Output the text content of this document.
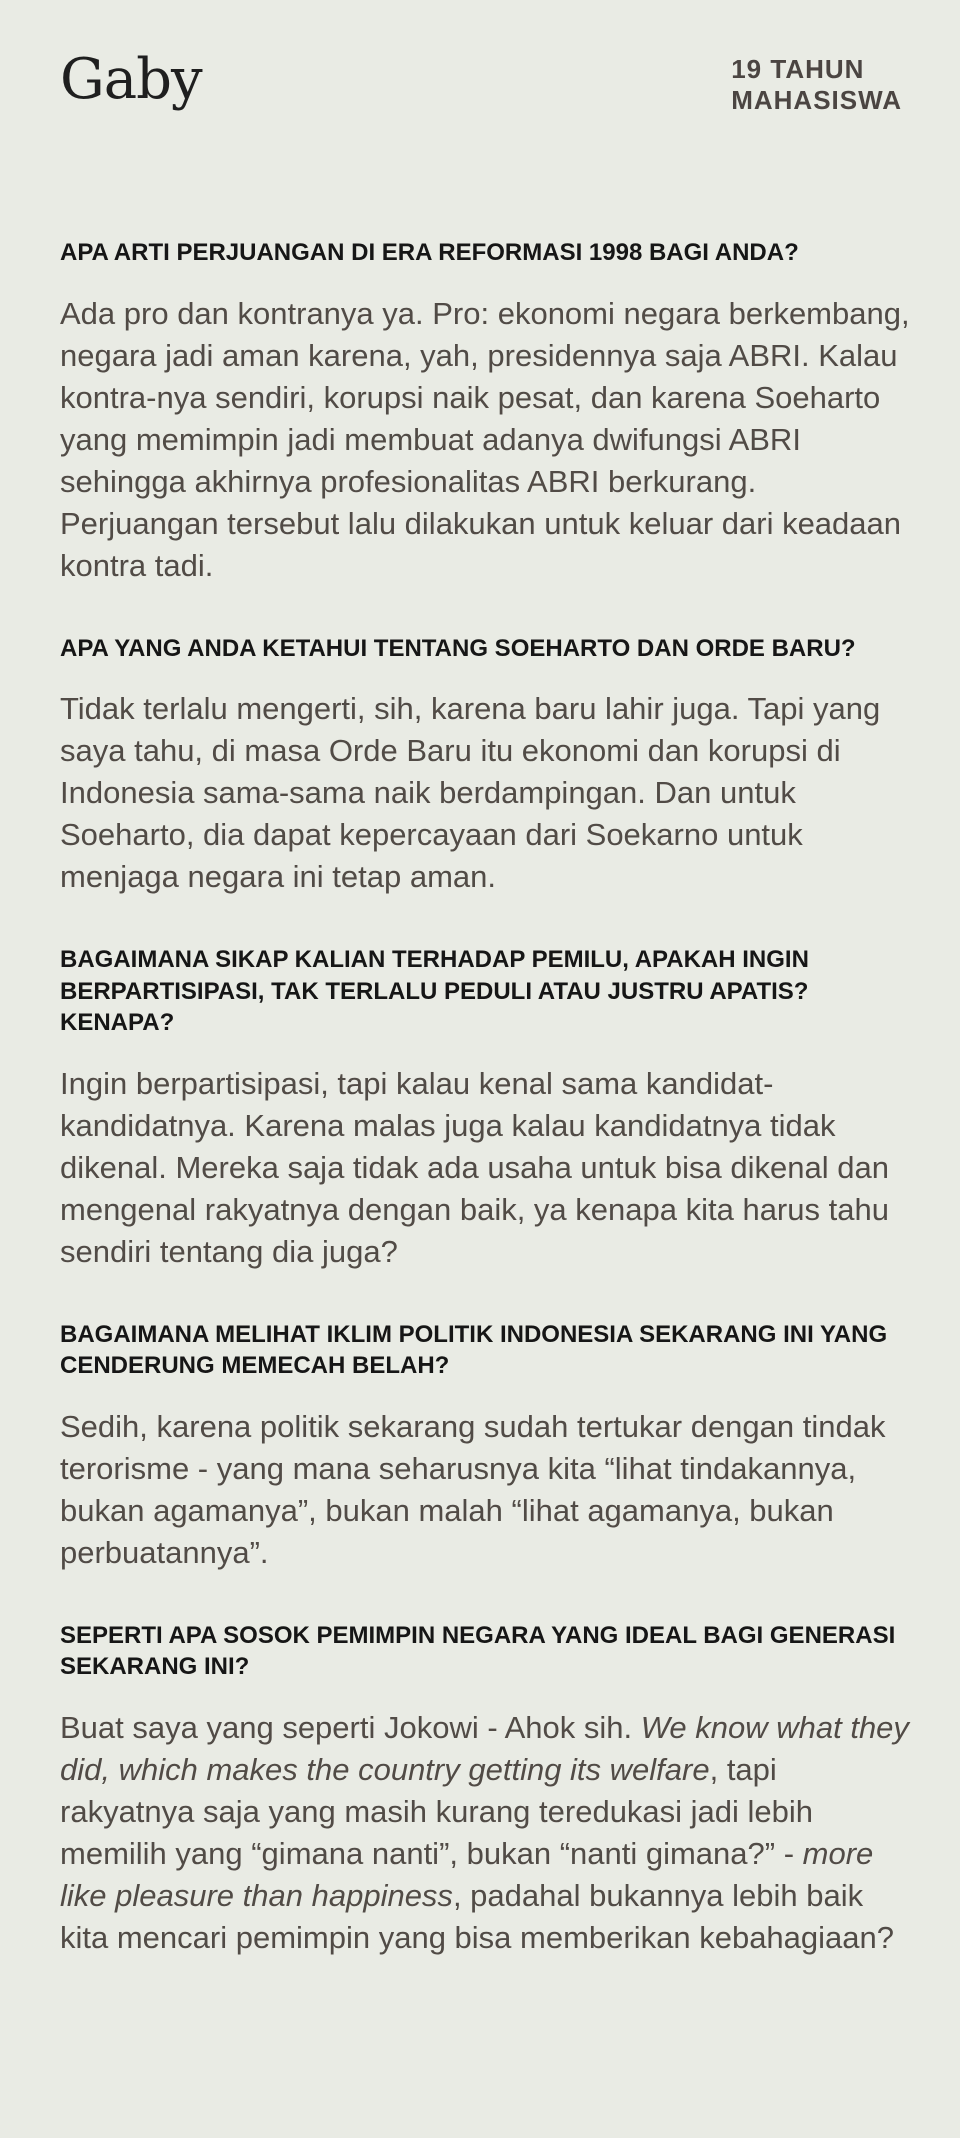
Gaby	19 TAHUN
MAHASISWA
APA ARTI PERJUANGAN DI ERA REFORMASI 1998 BAGI ANDA?

Ada pro dan kontranya ya. Pro: ekonomi negara berkembang, negara jadi aman karena, yah, presidennya saja ABRI. Kalau kontra-nya sendiri, korupsi naik pesat, dan karena Soeharto yang memimpin jadi membuat adanya dwifungsi ABRI sehingga akhirnya profesionalitas ABRI berkurang. Perjuangan tersebut lalu dilakukan untuk keluar dari keadaan kontra tadi.

APA YANG ANDA KETAHUI TENTANG SOEHARTO DAN ORDE BARU?

Tidak terlalu mengerti, sih, karena baru lahir juga. Tapi yang saya tahu, di masa Orde Baru itu ekonomi dan korupsi di Indonesia sama-sama naik berdampingan. Dan untuk Soeharto, dia dapat kepercayaan dari Soekarno untuk menjaga negara ini tetap aman.

BAGAIMANA SIKAP KALIAN TERHADAP PEMILU, APAKAH INGIN BERPARTISIPASI, TAK TERLALU PEDULI ATAU JUSTRU APATIS? KENAPA?

Ingin berpartisipasi, tapi kalau kenal sama kandidat-kandidatnya. Karena malas juga kalau kandidatnya tidak dikenal. Mereka saja tidak ada usaha untuk bisa dikenal dan mengenal rakyatnya dengan baik, ya kenapa kita harus tahu sendiri tentang dia juga?

BAGAIMANA MELIHAT IKLIM POLITIK INDONESIA SEKARANG INI YANG CENDERUNG MEMECAH BELAH?

Sedih, karena politik sekarang sudah tertukar dengan tindak terorisme - yang mana seharusnya kita “lihat tindakannya, bukan agamanya”, bukan malah “lihat agamanya, bukan perbuatannya”.

SEPERTI APA SOSOK PEMIMPIN NEGARA YANG IDEAL BAGI GENERASI SEKARANG INI?

Buat saya yang seperti Jokowi - Ahok sih. We know what they did, which makes the country getting its welfare, tapi rakyatnya saja yang masih kurang teredukasi jadi lebih memilih yang “gimana nanti”, bukan “nanti gimana?” - more like pleasure than happiness, padahal bukannya lebih baik kita mencari pemimpin yang bisa memberikan kebahagiaan?
